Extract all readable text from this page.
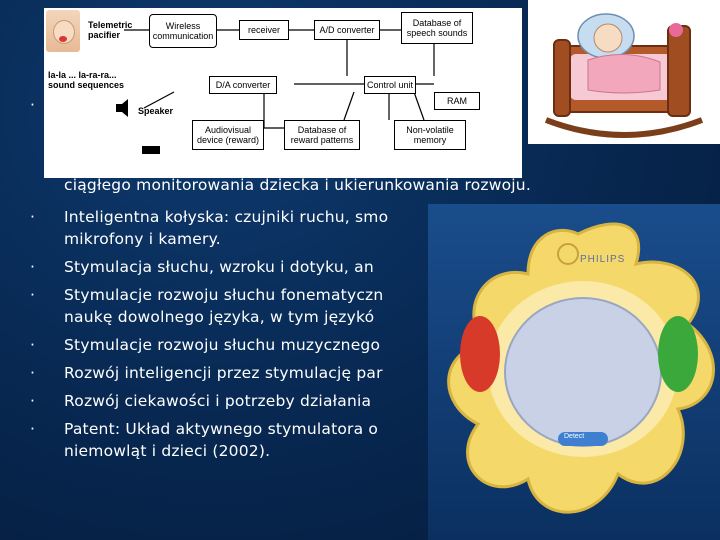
Telemetric pacifier
Wireless communication
receiver	A/D converter
Database of speech sounds
la-la ... la-ra-ra... sound sequences	D/A converter	Control unit
RAM
Speaker
Audiovisual device (reward)
Database of reward patterns
Non-volatile memory
PHILIPS
Detect
·
ciągłego monitorowania dziecka i ukierunkowania rozwoju.
·	Inteligentna kołyska: czujniki ruchu, smo
mikrofony i kamery.
·	Stymulacja słuchu, wzroku i dotyku, an
·	Stymulacje rozwoju słuchu fonematyczn
naukę dowolnego języka, w tym językó
·	Stymulacje rozwoju słuchu muzycznego
·	Rozwój inteligencji przez stymulację par
·	Rozwój ciekawości i potrzeby działania
·	Patent: Układ aktywnego stymulatora o
niemowląt i dzieci (2002).
